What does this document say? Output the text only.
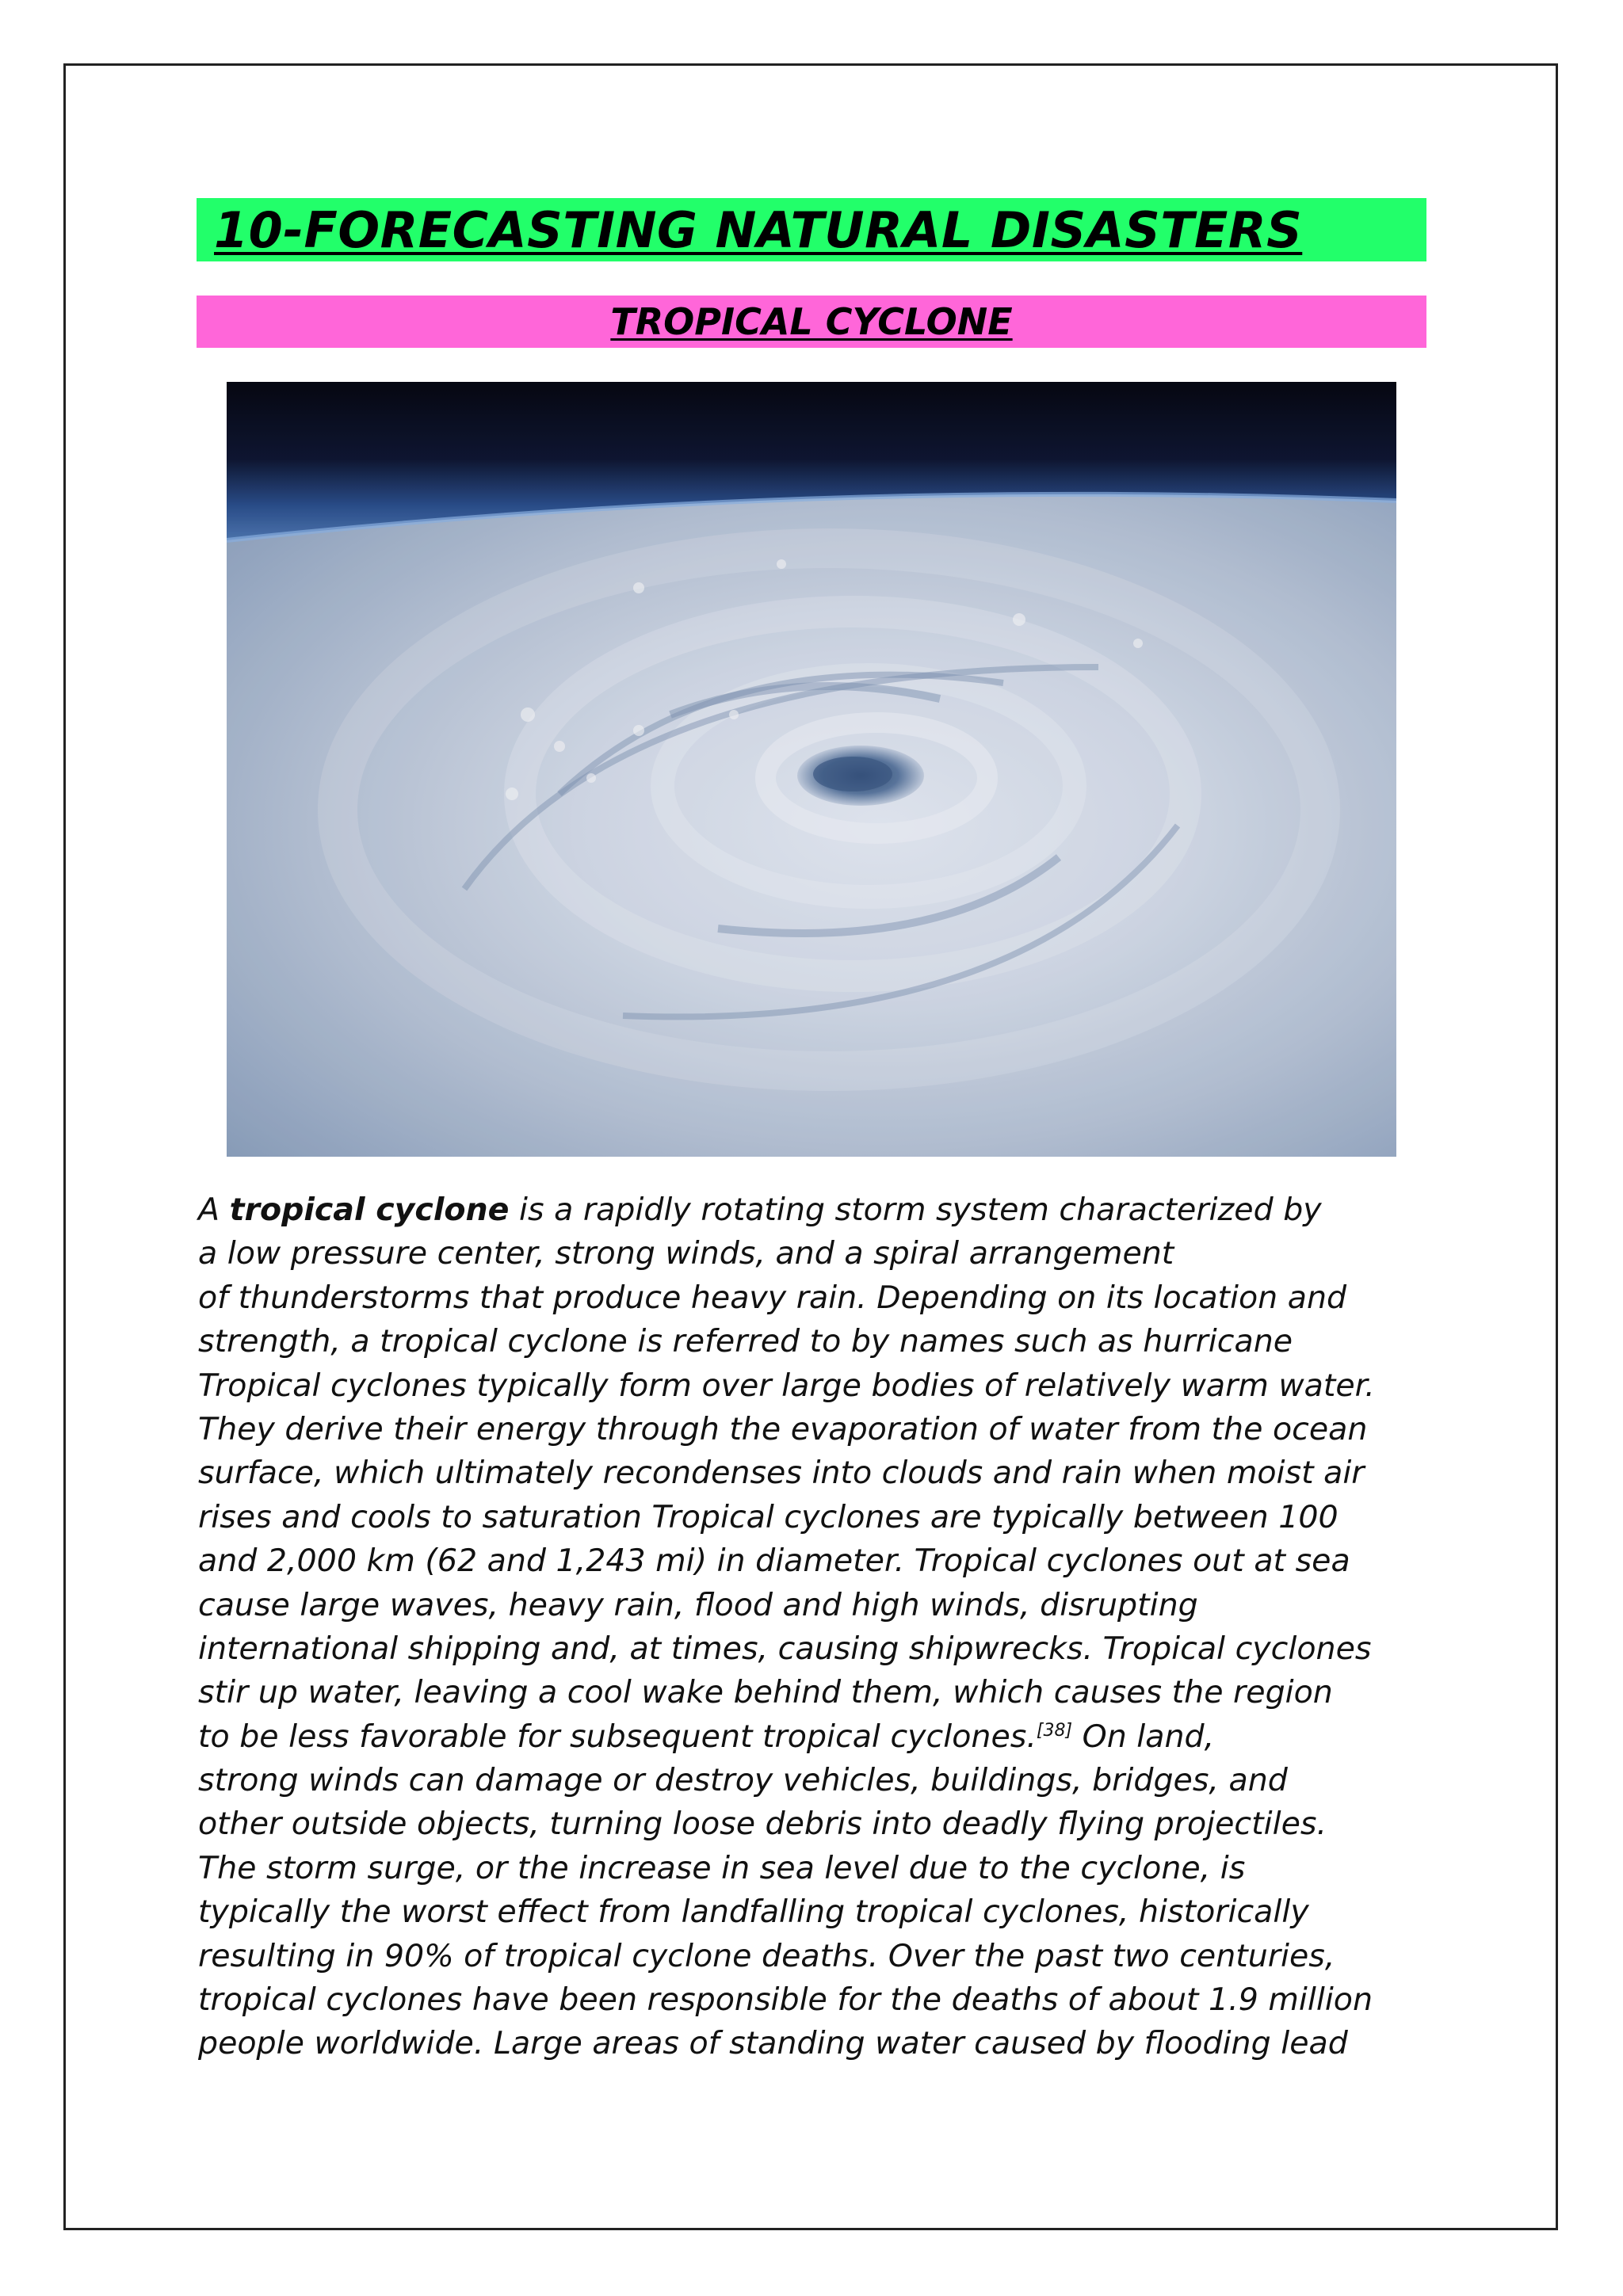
10-FORECASTING NATURAL DISASTERS
TROPICAL CYCLONE
A tropical cyclone is a rapidly rotating storm system characterized by
a low pressure center, strong winds, and a spiral arrangement
of thunderstorms that produce heavy rain. Depending on its location and
strength, a tropical cyclone is referred to by names such as hurricane
Tropical cyclones typically form over large bodies of relatively warm water.
They derive their energy through the evaporation of water from the ocean
surface, which ultimately recondenses into clouds and rain when moist air
rises and cools to saturation Tropical cyclones are typically between 100
and 2,000 km (62 and 1,243 mi) in diameter. Tropical cyclones out at sea
cause large waves, heavy rain, flood and high winds, disrupting
international shipping and, at times, causing shipwrecks. Tropical cyclones
stir up water, leaving a cool wake behind them, which causes the region
to be less favorable for subsequent tropical cyclones.[38] On land,
strong winds can damage or destroy vehicles, buildings, bridges, and
other outside objects, turning loose debris into deadly flying projectiles.
The storm surge, or the increase in sea level due to the cyclone, is
typically the worst effect from landfalling tropical cyclones, historically
resulting in 90% of tropical cyclone deaths. Over the past two centuries,
tropical cyclones have been responsible for the deaths of about 1.9 million
people worldwide. Large areas of standing water caused by flooding lead
